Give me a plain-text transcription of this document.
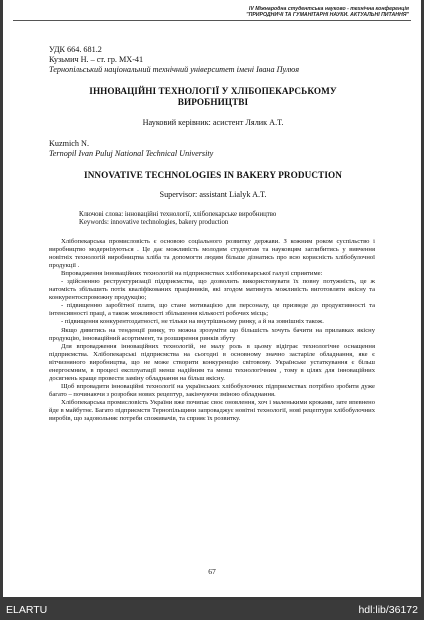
IV Міжнародна студентська науково - технічна конференція
"ПРИРОДНИЧІ ТА ГУМАНІТАРНІ НАУКИ. АКТУАЛЬНІ ПИТАННЯ"
УДК 664. 681.2
Кузьмич Н. – ст. гр. МХ-41
Тернопільський національний технічний університет імені Івана Пулюя
ІННОВАЦІЙНІ ТЕХНОЛОГІЇ У ХЛІБОПЕКАРСЬКОМУ
ВИРОБНИЦТВІ
Науковий керівник: асистент Лялик А.Т.
Kuzmich N.
Ternopil Ivan Puluj National Technical University
INNOVATIVE TECHNOLOGIES IN BAKERY PRODUCTION
Supervisor: assistant Lialyk A.T.
Ключові слова: інноваційні технології, хлібопекарське виробництво
Keywords: innovative technologies, bakery production

Хлібопекарська промисловість є основою соціального розвитку держави. З кожним роком суспільство і виробництво модернізуються . Це дає можливість молодим студентам та науковцям заглибитись у вивчення новітніх технологій виробництва хліба та допомогти людям більше дізнатись про всю корисність хлібобулочної продукції .

Впровадження інноваційних технологій на підприємствах хлібопекарської галузі сприятиме:

- здійсненню реструктуризації підприємства, що дозволить використовувати їх повну потужність, це ж натомість збільшить потік кваліфікованих працівників, які згодом матимуть можливість виготовляти якісну та конкурентоспроможну продукцію;

- підвищенню заробітної плати, що стане мотивацією для персоналу, це призведе до продуктивності та інтенсивності праці, а також можливості збільшення кількості робочих місць;

- підвищення конкурентоздатності, не тільки на внутрішньому ринку, а й на зовнішніх також.

Якщо дивитись на тенденції ринку, то можна зрозуміти що більшість хочуть бачити на прилавках якісну продукцію, інноваційний асортимент, та розширення ринків збуту

Для впровадження інноваційних технологій, не малу роль в цьому відіграє технологічне оснащення підприємства. Хлібопекарські підприємства на сьогодні в основному значно застаріле обладнання, яке є вітчизняного виробництва, що не може створити конкуренцію світовому. Українське устаткування є більш енергоємним, в процесі експлуатації менш надійним та менш технологічним , тому в цілях для інноваційних досягнень краще провести заміну обладнання на більш якісну.

Щоб впровадити інноваційні технології на українських хлібобулочних підприємствах потрібно зробити дуже багато – починаючи з розробки нових рецептур, закінчуючи зміною обладнання.

Хлібопекарська промисловість України вже почипає своє оновлення, хоч і маленькими кроками, зате впевнено йде в майбутнє. Багато підприємств Тернопільщини запроваджує новітні технології, нові рецептури хлібобулочних виробів, що задовольняє потреби споживачів, та сприяє їх розвитку.

67
ELARTU	hdl:lib/36172
